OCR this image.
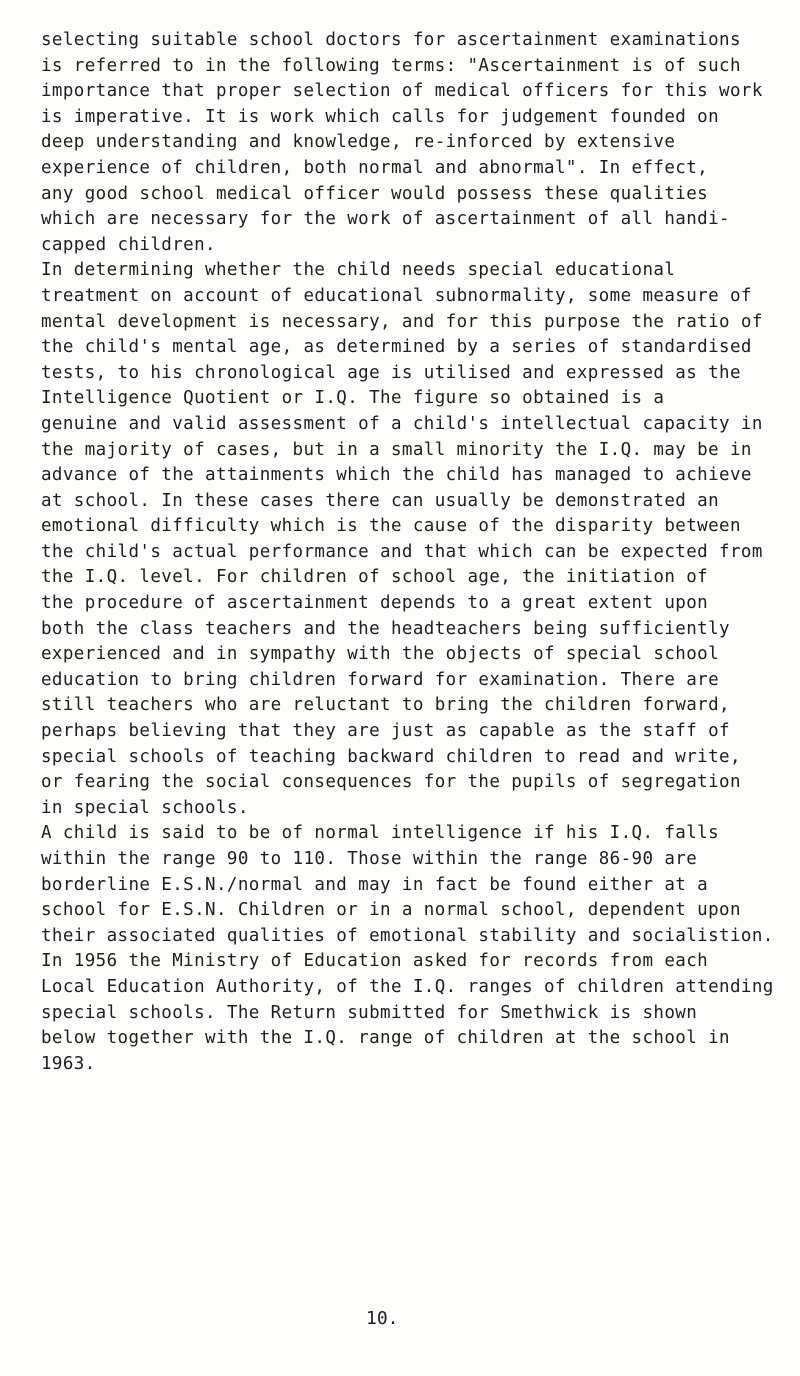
selecting suitable school doctors for ascertainment examinations
is referred to in the following terms: "Ascertainment is of such
importance that proper selection of medical officers for this work
is imperative. It is work which calls for judgement founded on
deep understanding and knowledge, re-inforced by extensive
experience of children, both normal and abnormal". In effect,
any good school medical officer would possess these qualities
which are necessary for the work of ascertainment of all handi-
capped children.
In determining whether the child needs special educational
treatment on account of educational subnormality, some measure of
mental development is necessary, and for this purpose the ratio of
the child's mental age, as determined by a series of standardised
tests, to his chronological age is utilised and expressed as the
Intelligence Quotient or I.Q. The figure so obtained is a
genuine and valid assessment of a child's intellectual capacity in
the majority of cases, but in a small minority the I.Q. may be in
advance of the attainments which the child has managed to achieve
at school. In these cases there can usually be demonstrated an
emotional difficulty which is the cause of the disparity between
the child's actual performance and that which can be expected from
the I.Q. level. For children of school age, the initiation of
the procedure of ascertainment depends to a great extent upon
both the class teachers and the headteachers being sufficiently
experienced and in sympathy with the objects of special school
education to bring children forward for examination. There are
still teachers who are reluctant to bring the children forward,
perhaps believing that they are just as capable as the staff of
special schools of teaching backward children to read and write,
or fearing the social consequences for the pupils of segregation
in special schools.
A child is said to be of normal intelligence if his I.Q. falls
within the range 90 to 110. Those within the range 86-90 are
borderline E.S.N./normal and may in fact be found either at a
school for E.S.N. Children or in a normal school, dependent upon
their associated qualities of emotional stability and socialistion.
In 1956 the Ministry of Education asked for records from each
Local Education Authority, of the I.Q. ranges of children attending
special schools. The Return submitted for Smethwick is shown
below together with the I.Q. range of children at the school in
1963.
10.
